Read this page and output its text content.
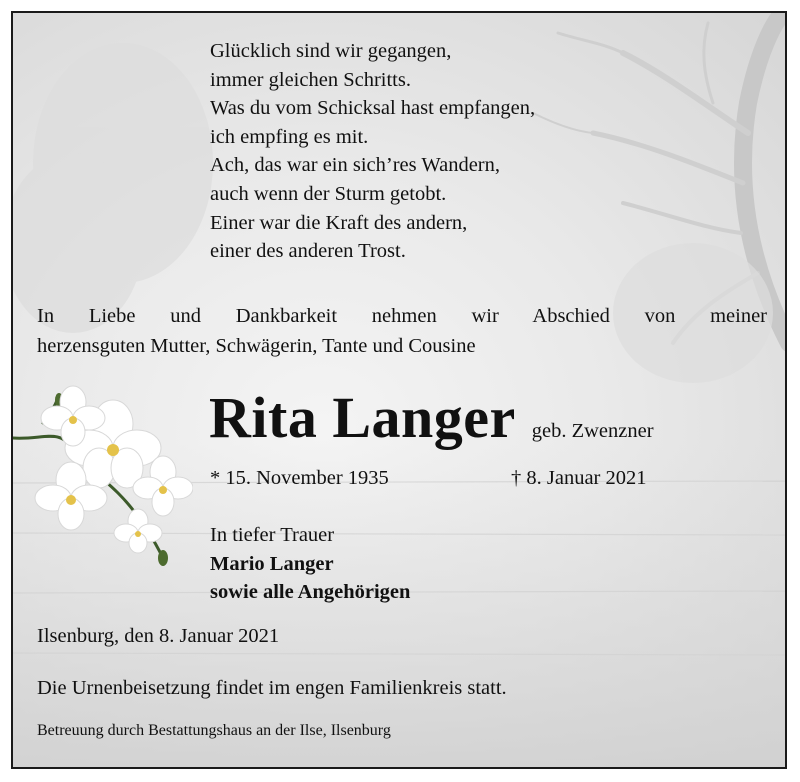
Glücklich sind wir gegangen,
immer gleichen Schritts.
Was du vom Schicksal hast empfangen,
ich empfing es mit.
Ach, das war ein sich’res Wandern,
auch wenn der Sturm getobt.
Einer war die Kraft des andern,
einer des anderen Trost.
In Liebe und Dankbarkeit nehmen wir Abschied von meiner
herzensguten Mutter, Schwägerin, Tante und Cousine
Rita Langer geb. Zwenzner
* 15. November 1935	† 8. Januar 2021
In tiefer Trauer
Mario Langer
sowie alle Angehörigen
Ilsenburg, den 8. Januar 2021
Die Urnenbeisetzung findet im engen Familienkreis statt.
Betreuung durch Bestattungshaus an der Ilse, Ilsenburg
